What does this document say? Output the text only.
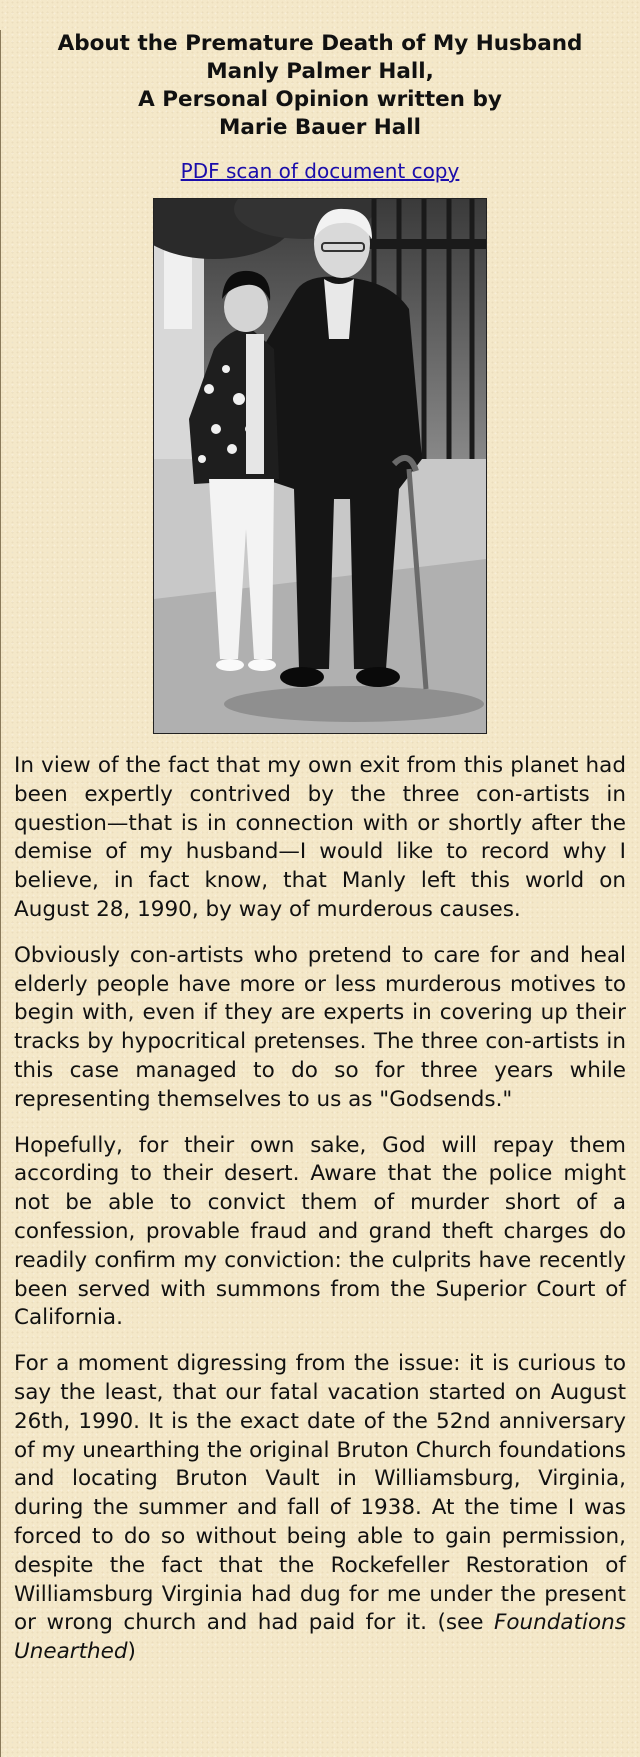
About the Premature Death of My Husband
Manly Palmer Hall,
A Personal Opinion written by
Marie Bauer Hall
PDF scan of document copy

In view of the fact that my own exit from this planet had been expertly contrived by the three con-artists in question—that is in connection with or shortly after the demise of my husband—I would like to record why I believe, in fact know, that Manly left this world on August 28, 1990, by way of murderous causes.

Obviously con-artists who pretend to care for and heal elderly people have more or less murderous motives to begin with, even if they are experts in covering up their tracks by hypocritical pretenses. The three con-artists in this case managed to do so for three years while representing themselves to us as "Godsends."

Hopefully, for their own sake, God will repay them according to their desert. Aware that the police might not be able to convict them of murder short of a confession, provable fraud and grand theft charges do readily confirm my conviction: the culprits have recently been served with summons from the Superior Court of California.

For a moment digressing from the issue: it is curious to say the least, that our fatal vacation started on August 26th, 1990. It is the exact date of the 52nd anniversary of my unearthing the original Bruton Church foundations and locating Bruton Vault in Williamsburg, Virginia, during the summer and fall of 1938. At the time I was forced to do so without being able to gain permission, despite the fact that the Rockefeller Restoration of Williamsburg Virginia had dug for me under the present or wrong church and had paid for it. (see Foundations Unearthed)
